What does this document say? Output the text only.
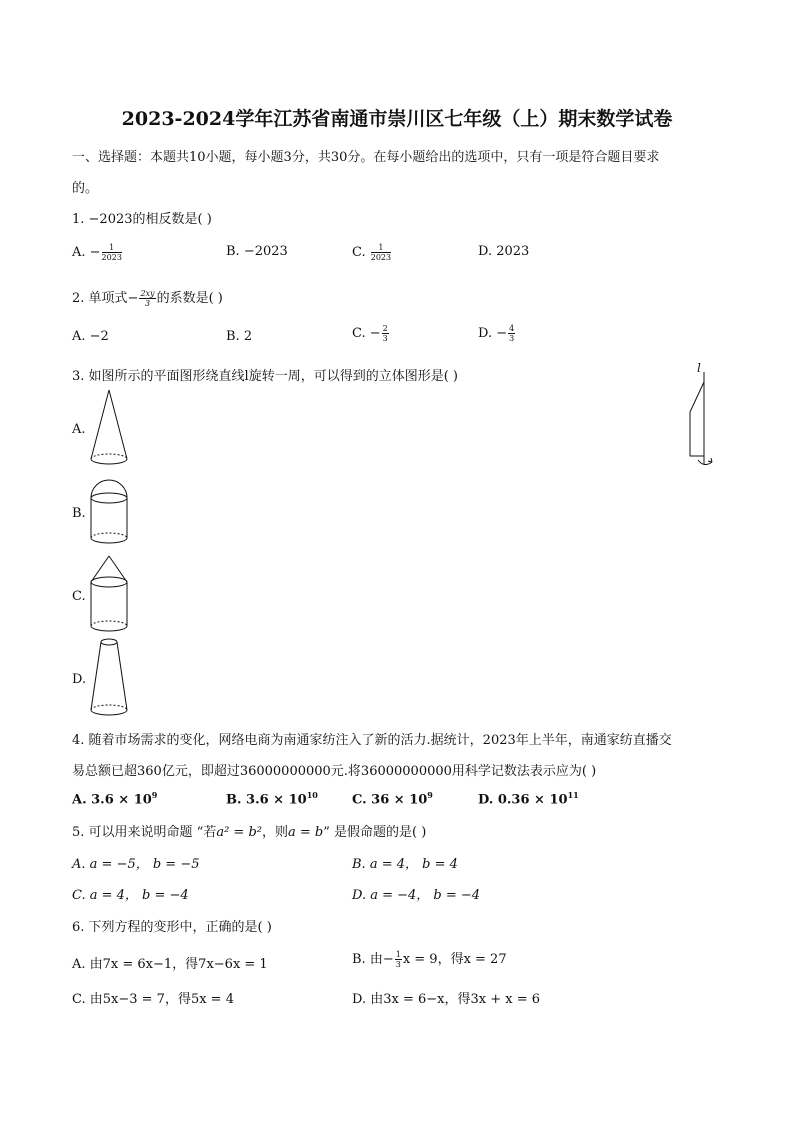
2023-2024学年江苏省南通市崇川区七年级（上）期末数学试卷
一、选择题：本题共10小题，每小题3分，共30分。在每小题给出的选项中，只有一项是符合题目要求
的。
1. −2023的相反数是( )
A. − $\frac{1}{2023}$	B. −2023	C. $\frac{1}{2023}$	D. 2023
2. 单项式− $\frac{2xy}{3}$ 的系数是( )
A. −2	B. 2	C. − $\frac{2}{3}$	D. − $\frac{4}{3}$
3. 如图所示的平面图形绕直线l旋转一周，可以得到的立体图形是( )
l
A.
B.
C.
D.
4. 随着市场需求的变化，网络电商为南通家纺注入了新的活力.据统计，2023年上半年，南通家纺直播交
易总额已超360亿元，即超过36000000000元.将36000000000用科学记数法表示应为( )
A. $3.6 \times 10^9$	B. $3.6 \times 10^{10}$	C. $36 \times 10^9$	D. $0.36 \times 10^{11}$
5. 可以用来说明命题 “若a² = b²，则a = b” 是假命题的是( )
A. a = −5， b = −5	B. a = 4， b = 4
C. a = 4， b = −4	D. a = −4， b = −4
6. 下列方程的变形中，正确的是( )
A. 由7x = 6x−1，得7x−6x = 1	B. 由− $\frac{1}{3}$ x = 9，得x = 27
C. 由5x−3 = 7，得5x = 4	D. 由3x = 6−x，得3x + x = 6
